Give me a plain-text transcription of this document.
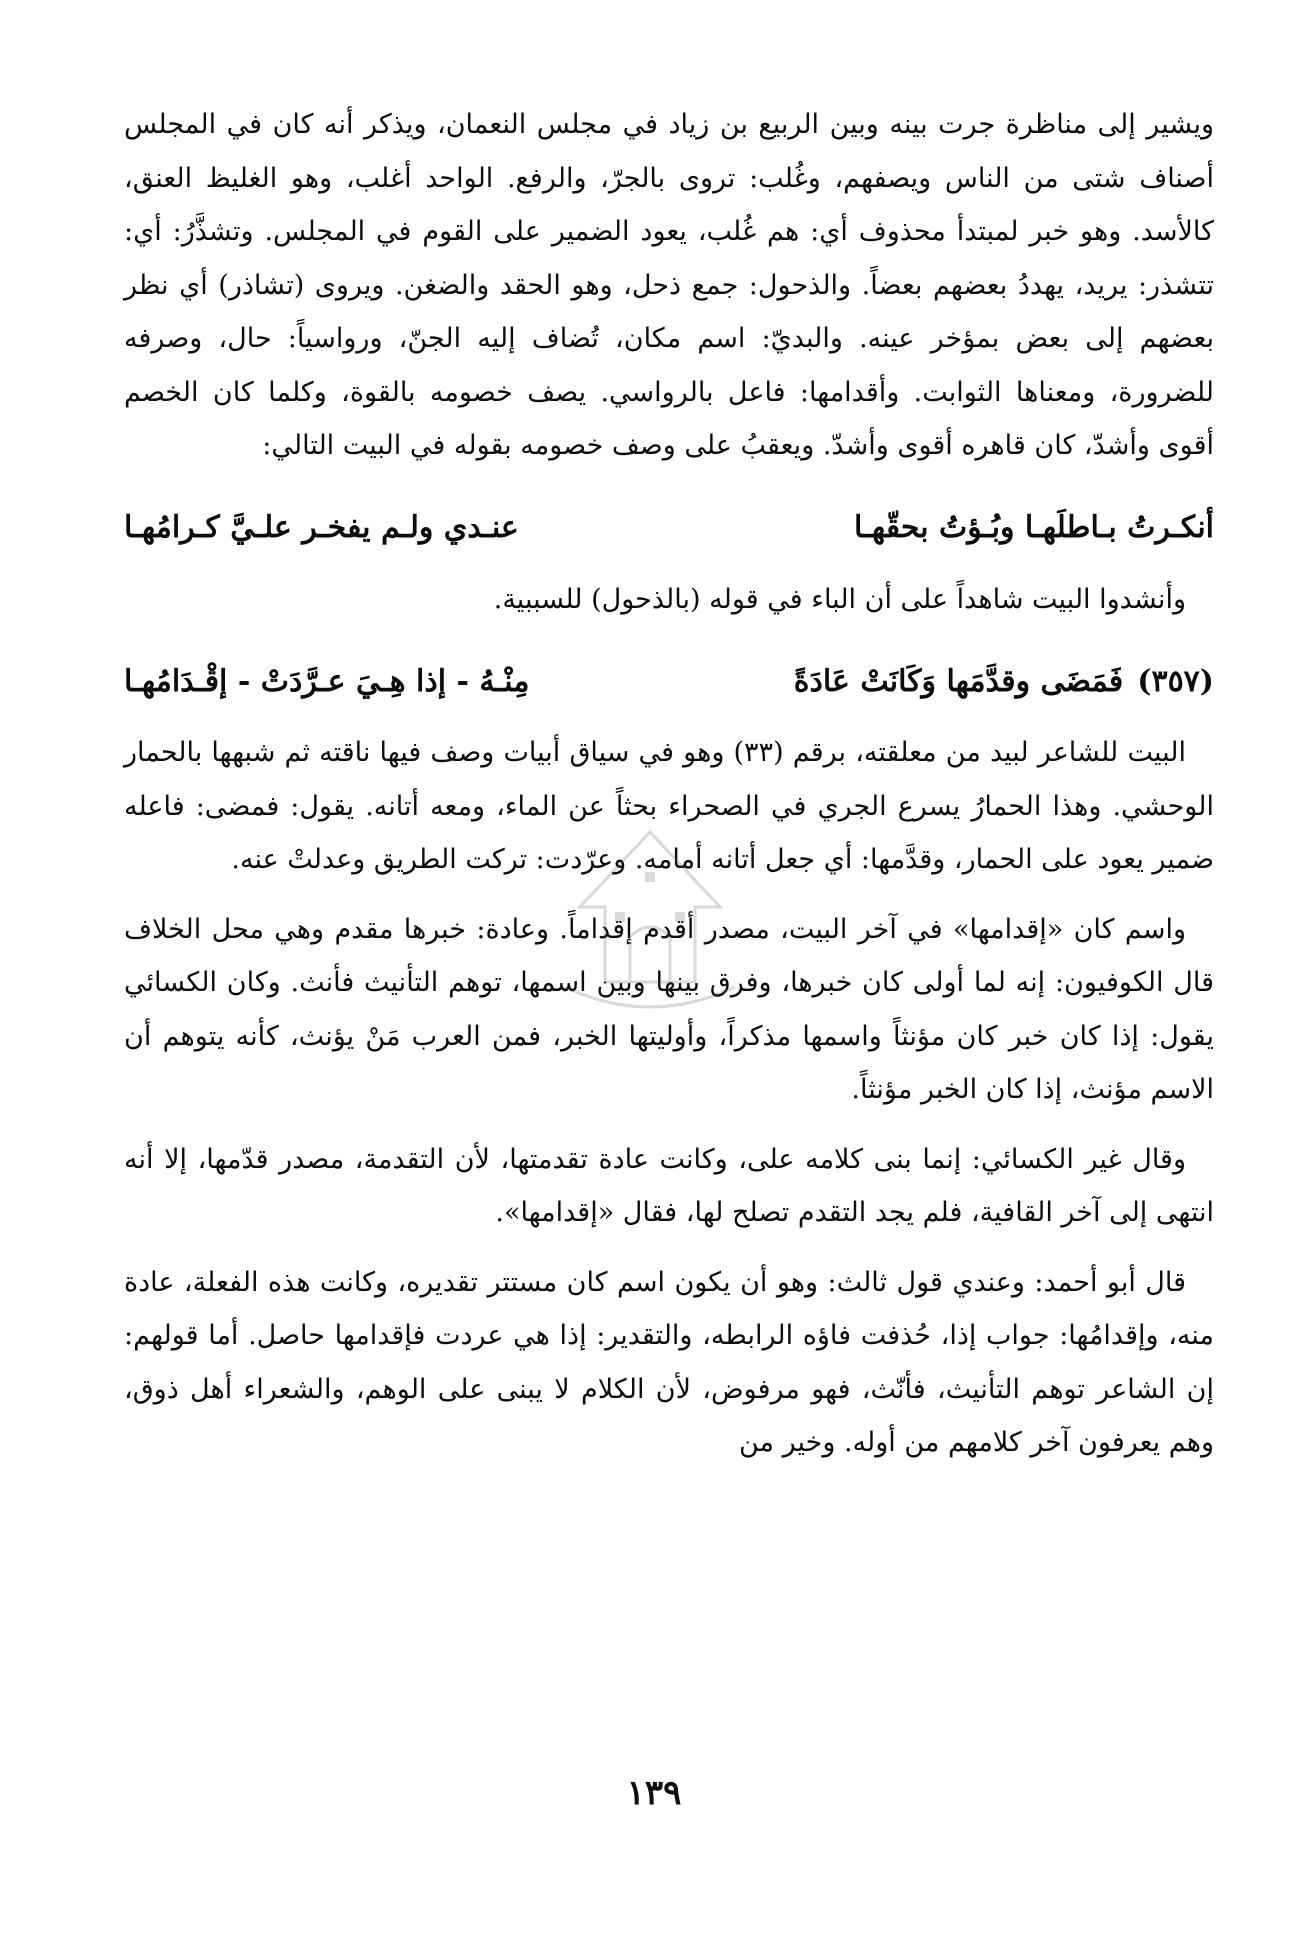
ويشير إلى مناظرة جرت بينه وبين الربيع بن زياد في مجلس النعمان، ويذكر أنه كان في المجلس أصناف شتى من الناس ويصفهم، وغُلب: تروى بالجرّ، والرفع. الواحد أغلب، وهو الغليظ العنق، كالأسد. وهو خبر لمبتدأ محذوف أي: هم غُلب، يعود الضمير على القوم في المجلس. وتشذَّرُ: أي: تتشذر: يريد، يهددُ بعضهم بعضاً. والذحول: جمع ذحل، وهو الحقد والضغن. ويروى (تشاذر) أي نظر بعضهم إلى بعض بمؤخر عينه. والبديّ: اسم مكان، تُضاف إليه الجنّ، ورواسياً: حال، وصرفه للضرورة، ومعناها الثوابت. وأقدامها: فاعل بالرواسي. يصف خصومه بالقوة، وكلما كان الخصم أقوى وأشدّ، كان قاهره أقوى وأشدّ. ويعقبُ على وصف خصومه بقوله في البيت التالي:

أنكـرتُ بـاطلَهـا وبُـؤتُ بحقّهـا
عنـدي ولـم يفخـر علـيَّ كـرامُهـا

وأنشدوا البيت شاهداً على أن الباء في قوله (بالذحول) للسببية.

(٣٥٧)فَمَضَى وقدَّمَها وَكَانَتْ عَادَةً
مِنْـهُ - إذا هِـيَ عـرَّدَتْ - إقْـدَامُهـا

البيت للشاعر لبيد من معلقته، برقم (٣٣) وهو في سياق أبيات وصف فيها ناقته ثم شبهها بالحمار الوحشي. وهذا الحمارُ يسرع الجري في الصحراء بحثاً عن الماء، ومعه أتانه. يقول: فمضى: فاعله ضمير يعود على الحمار، وقدَّمها: أي جعل أتانه أمامه. وعرّدت: تركت الطريق وعدلتْ عنه.

واسم كان «إقدامها» في آخر البيت، مصدر أقدم إقداماً. وعادة: خبرها مقدم وهي محل الخلاف قال الكوفيون: إنه لما أولى كان خبرها، وفرق بينها وبين اسمها، توهم التأنيث فأنث. وكان الكسائي يقول: إذا كان خبر كان مؤنثاً واسمها مذكراً، وأوليتها الخبر، فمن العرب مَنْ يؤنث، كأنه يتوهم أن الاسم مؤنث، إذا كان الخبر مؤنثاً.

وقال غير الكسائي: إنما بنى كلامه على، وكانت عادة تقدمتها، لأن التقدمة، مصدر قدّمها، إلا أنه انتهى إلى آخر القافية، فلم يجد التقدم تصلح لها، فقال «إقدامها».

قال أبو أحمد: وعندي قول ثالث: وهو أن يكون اسم كان مستتر تقديره، وكانت هذه الفعلة، عادة منه، وإقدامُها: جواب إذا، حُذفت فاؤه الرابطه، والتقدير: إذا هي عردت فإقدامها حاصل. أما قولهم: إن الشاعر توهم التأنيث، فأنّث، فهو مرفوض، لأن الكلام لا يبنى على الوهم، والشعراء أهل ذوق، وهم يعرفون آخر كلامهم من أوله. وخير من

١٣٩
